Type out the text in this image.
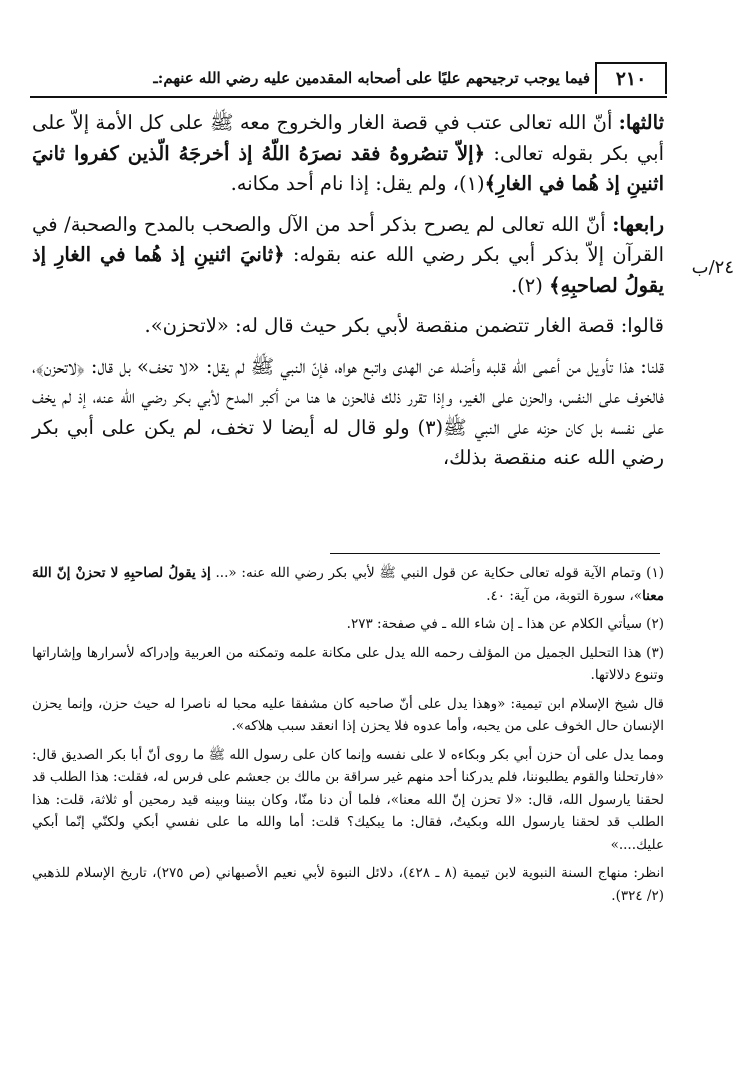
٢١٠
فيما يوجب ترجيحهم عليًا على أصحابه المقدمين عليه رضي الله عنهم:ـ
٢٤/ب

ثالثها: أنّ الله تعالى عتب في قصة الغار والخروج معه ﷺ على كل الأمة إلاّ على أبي بكر بقوله تعالى: ﴿إلاّ تنصُروهُ فقد نصرَهُ اللّهُ إذ أخرجَهُ الّذين كفروا ثانيَ اثنينِ إذ هُما في الغارِ﴾(١)، ولم يقل: إذا نام أحد مكانه.

رابعها: أنّ الله تعالى لم يصرح بذكر أحد من الآل والصحب بالمدح والصحبة/ في القرآن إلاّ بذكر أبي بكر رضي الله عنه بقوله: ﴿ثانيَ اثنينِ إذ هُما في الغارِ إذ يقولُ لصاحبِهِ﴾ (٢).

قالوا: قصة الغار تتضمن منقصة لأبي بكر حيث قال له: «لاتحزن».

قلنا: هذا تأويل من أعمى الله قلبه وأضله عن الهدى واتبع هواه، فإنّ النبي ﷺ لم يقل: «لا تخف» بل قال: ﴿لاتحزن﴾، فالخوف على النفس، والحزن على الغير، وإذا تقرر ذلك فالحزن ها هنا من أكبر المدح لأبي بكر رضي الله عنه، إذ لم يخف على نفسه بل كان حزنه على النبي ﷺ(٣) ولو قال له أيضا لا تخف، لم يكن على أبي بكر رضي الله عنه منقصة بذلك،

(١) وتمام الآية قوله تعالى حكاية عن قول النبي ﷺ لأبي بكر رضي الله عنه: «... إذ يقولُ لصاحبِهِ لا تحزنْ إنّ اللهَ معنا»، سورة التوبة، من آية: ٤٠.

(٢) سيأتي الكلام عن هذا ـ إن شاء الله ـ في صفحة: ٢٧٣.

(٣) هذا التحليل الجميل من المؤلف رحمه الله يدل على مكانة علمه وتمكنه من العربية وإدراكه لأسرارها وإشاراتها وتنوع دلالاتها.

قال شيخ الإسلام ابن تيمية: «وهذا يدل على أنّ صاحبه كان مشفقا عليه محبا له ناصرا له حيث حزن، وإنما يحزن الإنسان حال الخوف على من يحبه، وأما عدوه فلا يحزن إذا انعقد سبب هلاكه».

ومما يدل على أن حزن أبي بكر وبكاءه لا على نفسه وإنما كان على رسول الله ﷺ ما روى أنّ أبا بكر الصديق قال: «فارتحلنا والقوم يطلبوننا، فلم يدركنا أحد منهم غير سراقة بن مالك بن جعشم على فرس له، فقلت: هذا الطلب قد لحقنا يارسول الله، قال: «لا تحزن إنّ الله معنا»، فلما أن دنا منّا، وكان بيننا وبينه قيد رمحين أو ثلاثة، قلت: هذا الطلب قد لحقنا يارسول الله وبكيتُ، فقال: ما يبكيك؟ قلت: أما والله ما على نفسي أبكي ولكنّي إنّما أبكي عليك....»

انظر: منهاج السنة النبوية لابن تيمية (٨ ـ ٤٢٨)، دلائل النبوة لأبي نعيم الأصبهاني (ص ٢٧٥)، تاريخ الإسلام للذهبي (٢/ ٣٢٤).
